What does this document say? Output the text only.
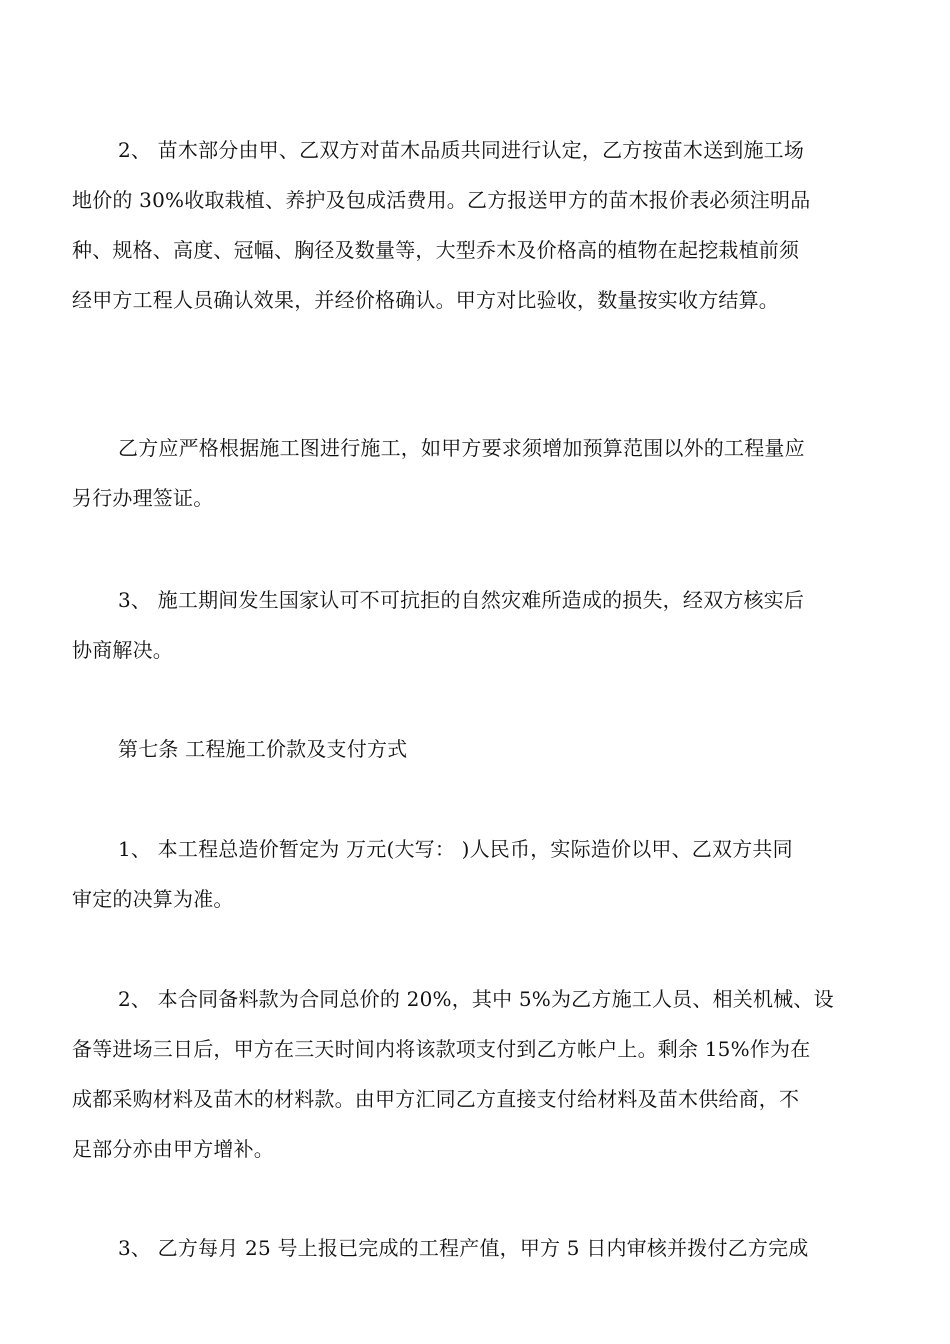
2、 苗木部分由甲、乙双方对苗木品质共同进行认定，乙方按苗木送到施工场
地价的 30%收取栽植、养护及包成活费用。乙方报送甲方的苗木报价表必须注明品
种、规格、高度、冠幅、胸径及数量等，大型乔木及价格高的植物在起挖栽植前须
经甲方工程人员确认效果，并经价格确认。甲方对比验收，数量按实收方结算。
乙方应严格根据施工图进行施工，如甲方要求须增加预算范围以外的工程量应
另行办理签证。
3、 施工期间发生国家认可不可抗拒的自然灾难所造成的损失，经双方核实后
协商解决。
第七条 工程施工价款及支付方式
1、 本工程总造价暂定为 万元(大写： )人民币，实际造价以甲、乙双方共同
审定的决算为准。
2、 本合同备料款为合同总价的 20%，其中 5%为乙方施工人员、相关机械、设
备等进场三日后，甲方在三天时间内将该款项支付到乙方帐户上。剩余 15%作为在
成都采购材料及苗木的材料款。由甲方汇同乙方直接支付给材料及苗木供给商，不
足部分亦由甲方增补。
3、 乙方每月 25 号上报已完成的工程产值，甲方 5 日内审核并拨付乙方完成
